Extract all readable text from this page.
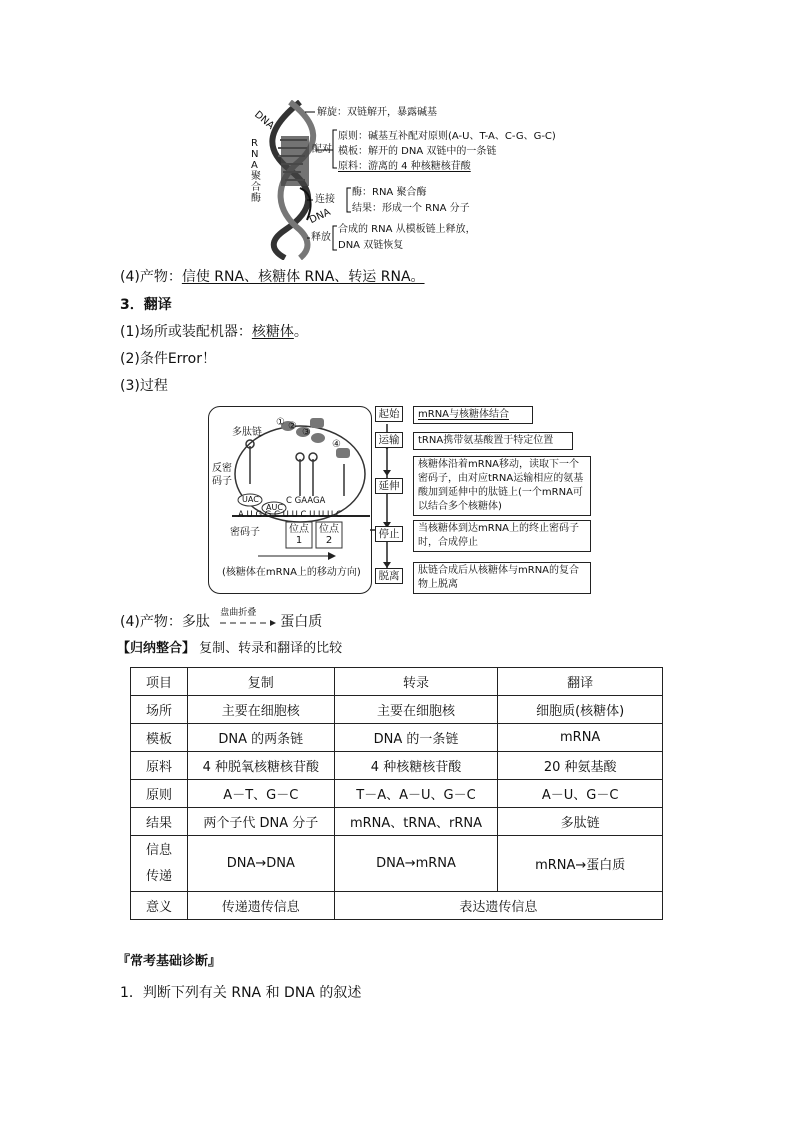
DNA
RNA聚合酶
DNA
解旋：双链解开，暴露碱基
配对
原则：碱基互补配对原则(A-U、T-A、C-G、G-C)
模板：解开的 DNA 双链中的一条链
原料：游离的 4 种核糖核苷酸
连接
酶：RNA 聚合酶
结果：形成一个 RNA 分子
释放
合成的 RNA 从模板链上释放，
DNA 双链恢复
(4)产物：信使 RNA、核糖体 RNA、转运 RNA。
3．翻译
(1)场所或装配机器：核糖体。
(2)条件Error！
(3)过程
多肽链
① ②
③
④
反密码子
UAC
AUC
C GAAGA
A U G G C U U C U U U C
密码子	位点1
位点2
(核糖体在mRNA上的移动方向)
起始	mRNA与核糖体结合
运输	tRNA携带氨基酸置于特定位置
延伸
核糖体沿着mRNA移动，读取下一个密码子，由对应tRNA运输相应的氨基酸加到延伸中的肽链上(一个mRNA可以结合多个核糖体)
停止	当核糖体到达mRNA上的终止密码子时，合成停止
脱离	肽链合成后从核糖体与mRNA的复合物上脱离
(4)产物：多肽
盘曲折叠
蛋白质
【归纳整合】 复制、转录和翻译的比较
项目	复制	转录	翻译
场所	主要在细胞核	主要在细胞核	细胞质(核糖体)
模板	DNA 的两条链	DNA 的一条链	mRNA
原料	4 种脱氧核糖核苷酸	4 种核糖核苷酸	20 种氨基酸
原则	A－T、G－C	T－A、A－U、G－C	A－U、G－C
结果	两个子代 DNA 分子	mRNA、tRNA、rRNA	多肽链
信息传递	DNA→DNA	DNA→mRNA	mRNA→蛋白质
意义	传递遗传信息	表达遗传信息	
『常考基础诊断』
1．判断下列有关 RNA 和 DNA 的叙述
